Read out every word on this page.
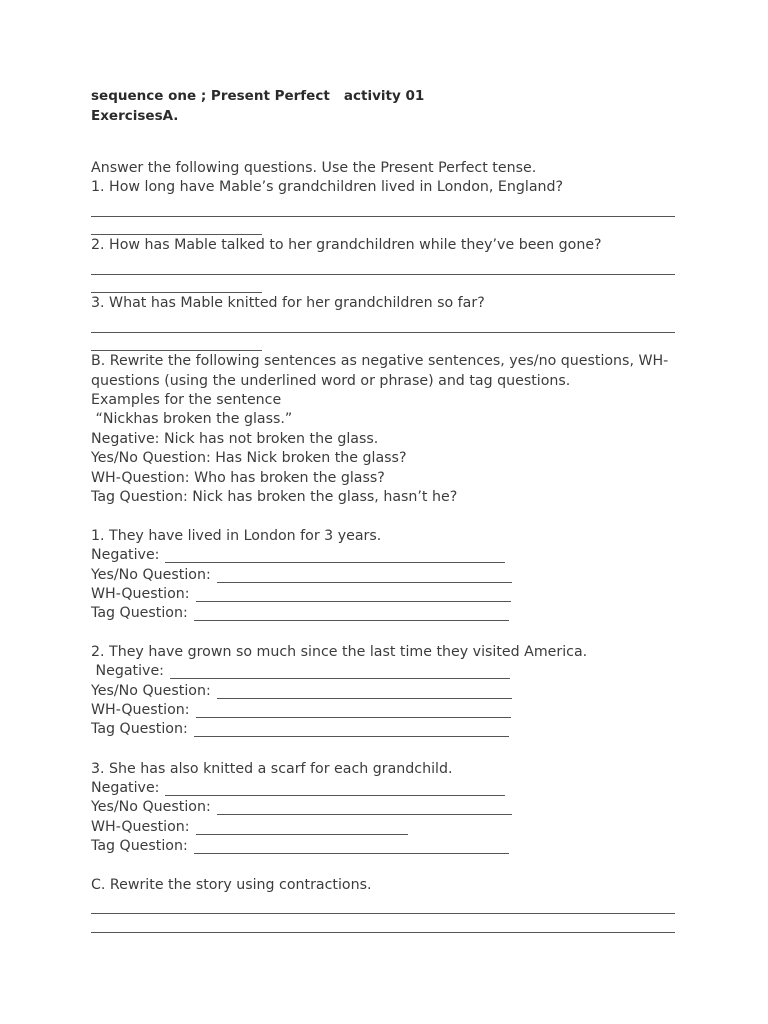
sequence one ; Present Perfect   activity 01
ExercisesA.
Answer the following questions. Use the Present Perfect tense.
1. How long have Mable’s grandchildren lived in London, England?
2. How has Mable talked to her grandchildren while they’ve been gone?
3. What has Mable knitted for her grandchildren so far?
B. Rewrite the following sentences as negative sentences, yes/no questions, WH-
questions (using the underlined word or phrase) and tag questions.
Examples for the sentence
“Nickhas broken the glass.”
Negative: Nick has not broken the glass.
Yes/No Question: Has Nick broken the glass?
WH-Question: Who has broken the glass?
Tag Question: Nick has broken the glass, hasn’t he?
1. They have lived in London for 3 years.
Negative:
Yes/No Question:
WH-Question:
Tag Question:
2. They have grown so much since the last time they visited America.
Negative:
Yes/No Question:
WH-Question:
Tag Question:
3. She has also knitted a scarf for each grandchild.
Negative:
Yes/No Question:
WH-Question:
Tag Question:
C. Rewrite the story using contractions.
